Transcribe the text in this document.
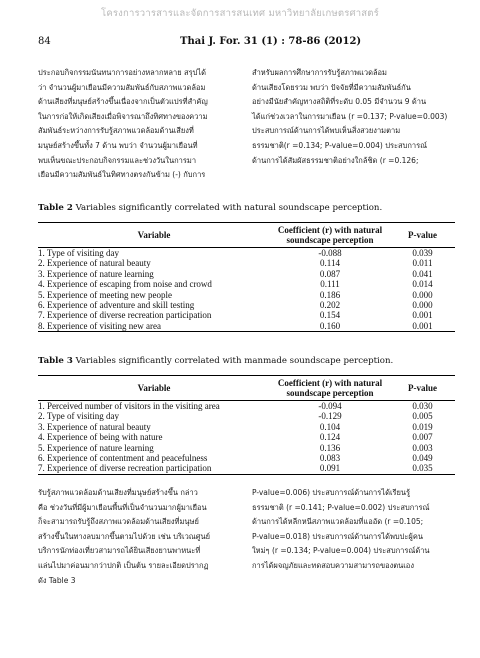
โครงการวารสารและจัดการสารสนเทศ มหาวิทยาลัยเกษตรศาสตร์
84	Thai J. For. 31 (1) : 78-86 (2012)

ประกอบกิจกรรมนันทนาการอย่างหลากหลาย สรุปได้

ว่า จำนวนผู้มาเยือนมีความสัมพันธ์กับสภาพแวดล้อม

ด้านเสียงที่มนุษย์สร้างขึ้นเนื่องจากเป็นตัวแปรที่สำคัญ

ในการก่อให้เกิดเสียงเมื่อพิจารณาถึงทิศทางของความ

สัมพันธ์ระหว่างการรับรู้สภาพแวดล้อมด้านเสียงที่

มนุษย์สร้างขึ้นทั้ง 7 ด้าน พบว่า จำนวนผู้มาเยือนที่

พบเห็นขณะประกอบกิจกรรมและช่วงวันในการมา

เยือนมีความสัมพันธ์ในทิศทางตรงกันข้าม (-) กับการ

สำหรับผลการศึกษาการรับรู้สภาพแวดล้อม

ด้านเสียงโดยรวม พบว่า ปัจจัยที่มีความสัมพันธ์กัน

อย่างมีนัยสำคัญทางสถิติที่ระดับ 0.05 มีจำนวน 9 ด้าน

ได้แก่ช่วงเวลาในการมาเยือน (r =0.137; P-value=0.003)

ประสบการณ์ด้านการได้พบเห็นสิ่งสวยงามตาม

ธรรมชาติ(r =0.134; P-value=0.004) ประสบการณ์

ด้านการได้สัมผัสธรรมชาติอย่างใกล้ชิด (r =0.126;

Table 2 Variables significantly correlated with natural soundscape perception.

Variable	Coefficient (r) with natural
soundscape perception	P-value
1. Type of visiting day	-0.088	0.039
2. Experience of natural beauty	0.114	0.011
3. Experience of nature learning	0.087	0.041
4. Experience of escaping from noise and crowd	0.111	0.014
5. Experience of meeting new people	0.186	0.000
6. Experience of adventure and skill testing	0.202	0.000
7. Experience of diverse recreation participation	0.154	0.001
8. Experience of visiting new area	0.160	0.001

Table 3 Variables significantly correlated with manmade soundscape perception.

Variable	Coefficient (r) with natural
soundscape perception	P-value
1. Perceived number of visitors in the visiting area	-0.094	0.030
2. Type of visiting day	-0.129	0.005
3. Experience of natural beauty	0.104	0.019
4. Experience of being with nature	0.124	0.007
5. Experience of nature learning	0.136	0.003
6. Experience of contentment and peacefulness	0.083	0.049
7. Experience of diverse recreation participation	0.091	0.035

รับรู้สภาพแวดล้อมด้านเสียงที่มนุษย์สร้างขึ้น กล่าว

คือ ช่วงวันที่มีผู้มาเยือนพื้นที่เป็นจำนวนมากผู้มาเยือน

ก็จะสามารถรับรู้ถึงสภาพแวดล้อมด้านเสียงที่มนุษย์

สร้างขึ้นในทางลบมากขึ้นตามไปด้วย เช่น บริเวณศูนย์

บริการนักท่องเที่ยวสามารถได้ยินเสียงยานพาหนะที่

แล่นไปมาค่อนมากว่าปกติ เป็นต้น รายละเอียดปรากฏ

ดัง Table 3

P-value=0.006) ประสบการณ์ด้านการได้เรียนรู้

ธรรมชาติ (r =0.141; P-value=0.002) ประสบการณ์

ด้านการได้หลีกหนีสภาพแวดล้อมที่แออัด (r =0.105;

P-value=0.018) ประสบการณ์ด้านการได้พบปะผู้คน

ใหม่ๆ (r =0.134; P-value=0.004) ประสบการณ์ด้าน

การได้ผจญภัยและทดสอบความสามารถของตนเอง
